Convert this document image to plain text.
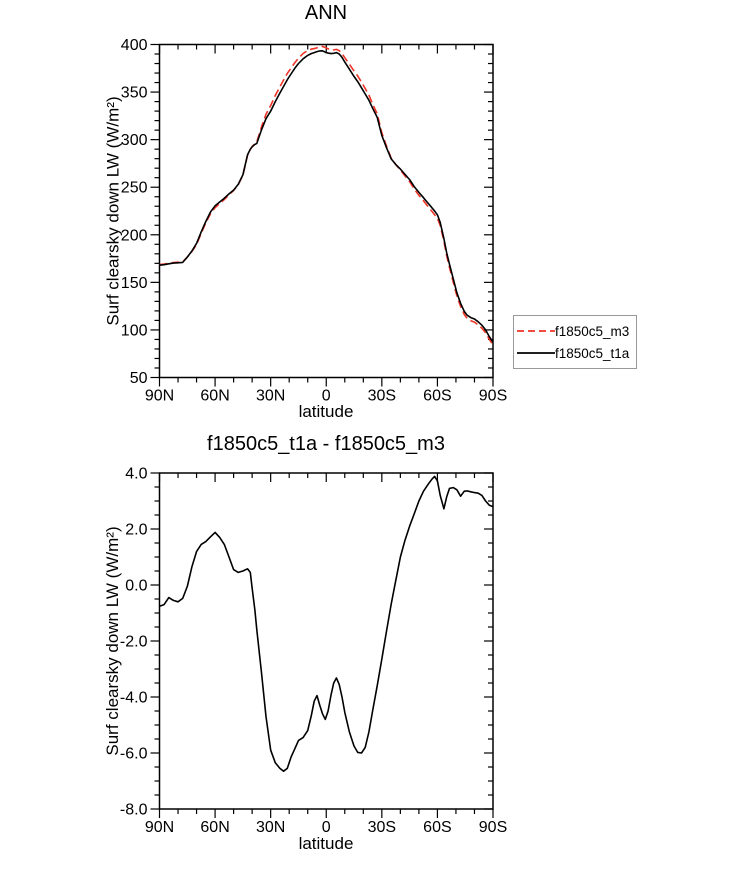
ANN
Surf clearsky down LW (W/m²)
latitude
f1850c5_t1a - f1850c5_m3
Surf clearsky down LW (W/m²)
latitude
90N 60N 30N 0 30S 60S 90S
50
100
150
200
250
300
350
400
90N 60N 30N 0 30S 60S 90S
-8.0
-6.0
-4.0
-2.0
0.0
2.0
4.0
f1850c5_m3
f1850c5_t1a
